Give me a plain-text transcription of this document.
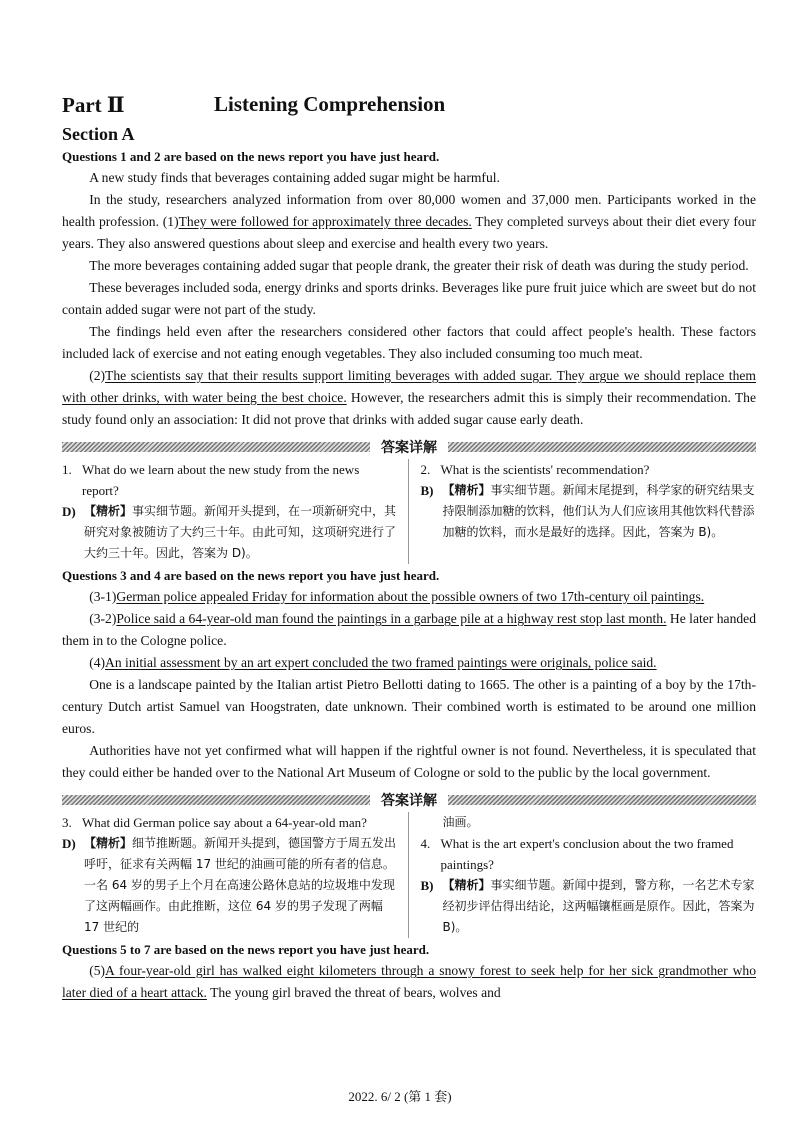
Part Ⅱ	Listening Comprehension
Section A
Questions 1 and 2 are based on the news report you have just heard.

A new study finds that beverages containing added sugar might be harmful.

In the study, researchers analyzed information from over 80,000 women and 37,000 men. Participants worked in the health profession. (1)They were followed for approximately three decades. They completed surveys about their diet every four years. They also answered questions about sleep and exercise and health every two years.

The more beverages containing added sugar that people drank, the greater their risk of death was during the study period.

These beverages included soda, energy drinks and sports drinks. Beverages like pure fruit juice which are sweet but do not contain added sugar were not part of the study.

The findings held even after the researchers considered other factors that could affect people's health. These factors included lack of exercise and not eating enough vegetables. They also included consuming too much meat.

(2)The scientists say that their results support limiting beverages with added sugar. They argue we should replace them with other drinks, with water being the best choice. However, the researchers admit this is simply their recommendation. The study found only an association: It did not prove that drinks with added sugar cause early death.

答案详解
1. What do we learn about the new study from the news report?
D) 【精析】事实细节题。新闻开头提到，在一项新研究中，其研究对象被随访了大约三十年。由此可知，这项研究进行了大约三十年。因此，答案为 D)。
2. What is the scientists' recommendation?
B) 【精析】事实细节题。新闻末尾提到，科学家的研究结果支持限制添加糖的饮料，他们认为人们应该用其他饮料代替添加糖的饮料，而水是最好的选择。因此，答案为 B)。
Questions 3 and 4 are based on the news report you have just heard.

(3-1)German police appealed Friday for information about the possible owners of two 17th-century oil paintings.

(3-2)Police said a 64-year-old man found the paintings in a garbage pile at a highway rest stop last month. He later handed them in to the Cologne police.

(4)An initial assessment by an art expert concluded the two framed paintings were originals, police said.

One is a landscape painted by the Italian artist Pietro Bellotti dating to 1665. The other is a painting of a boy by the 17th-century Dutch artist Samuel van Hoogstraten, date unknown. Their combined worth is estimated to be around one million euros.

Authorities have not yet confirmed what will happen if the rightful owner is not found. Nevertheless, it is speculated that they could either be handed over to the National Art Museum of Cologne or sold to the public by the local government.

答案详解
3. What did German police say about a 64-year-old man?
D) 【精析】细节推断题。新闻开头提到，德国警方于周五发出呼吁，征求有关两幅 17 世纪的油画可能的所有者的信息。一名 64 岁的男子上个月在高速公路休息站的垃圾堆中发现了这两幅画作。由此推断，这位 64 岁的男子发现了两幅 17 世纪的
油画。
4. What is the art expert's conclusion about the two framed paintings?
B) 【精析】事实细节题。新闻中提到，警方称，一名艺术专家经初步评估得出结论，这两幅镶框画是原作。因此，答案为 B)。
Questions 5 to 7 are based on the news report you have just heard.

(5)A four-year-old girl has walked eight kilometers through a snowy forest to seek help for her sick grandmother who later died of a heart attack. The young girl braved the threat of bears, wolves and

2022. 6/ 2 (第 1 套)
